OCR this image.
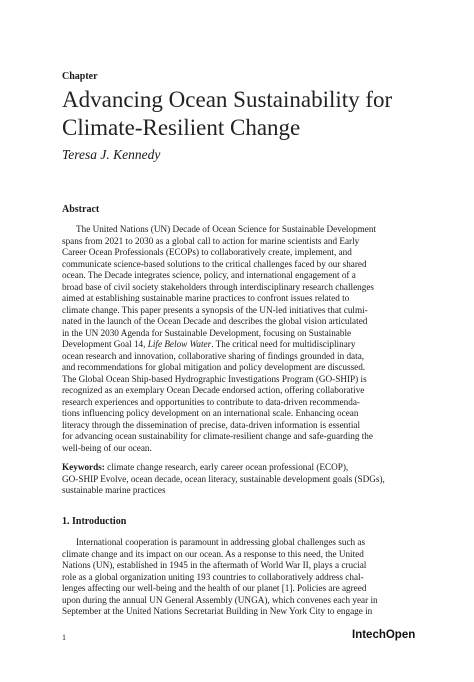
Chapter
Advancing Ocean Sustainability for
Climate-Resilient Change
Teresa J. Kennedy
Abstract
The United Nations (UN) Decade of Ocean Science for Sustainable Development
spans from 2021 to 2030 as a global call to action for marine scientists and Early
Career Ocean Professionals (ECOPs) to collaboratively create, implement, and
communicate science-based solutions to the critical challenges faced by our shared
ocean. The Decade integrates science, policy, and international engagement of a
broad base of civil society stakeholders through interdisciplinary research challenges
aimed at establishing sustainable marine practices to confront issues related to
climate change. This paper presents a synopsis of the UN-led initiatives that culmi-
nated in the launch of the Ocean Decade and describes the global vision articulated
in the UN 2030 Agenda for Sustainable Development, focusing on Sustainable
Development Goal 14, Life Below Water. The critical need for multidisciplinary
ocean research and innovation, collaborative sharing of findings grounded in data,
and recommendations for global mitigation and policy development are discussed.
The Global Ocean Ship-based Hydrographic Investigations Program (GO-SHIP) is
recognized as an exemplary Ocean Decade endorsed action, offering collaborative
research experiences and opportunities to contribute to data-driven recommenda-
tions influencing policy development on an international scale. Enhancing ocean
literacy through the dissemination of precise, data-driven information is essential
for advancing ocean sustainability for climate-resilient change and safe-guarding the
well-being of our ocean.
Keywords: climate change research, early career ocean professional (ECOP),
GO-SHIP Evolve, ocean decade, ocean literacy, sustainable development goals (SDGs),
sustainable marine practices
1. Introduction
International cooperation is paramount in addressing global challenges such as
climate change and its impact on our ocean. As a response to this need, the United
Nations (UN), established in 1945 in the aftermath of World War II, plays a crucial
role as a global organization uniting 193 countries to collaboratively address chal-
lenges affecting our well-being and the health of our planet [1]. Policies are agreed
upon during the annual UN General Assembly (UNGA), which convenes each year in
September at the United Nations Secretariat Building in New York City to engage in
1	IntechOpen
